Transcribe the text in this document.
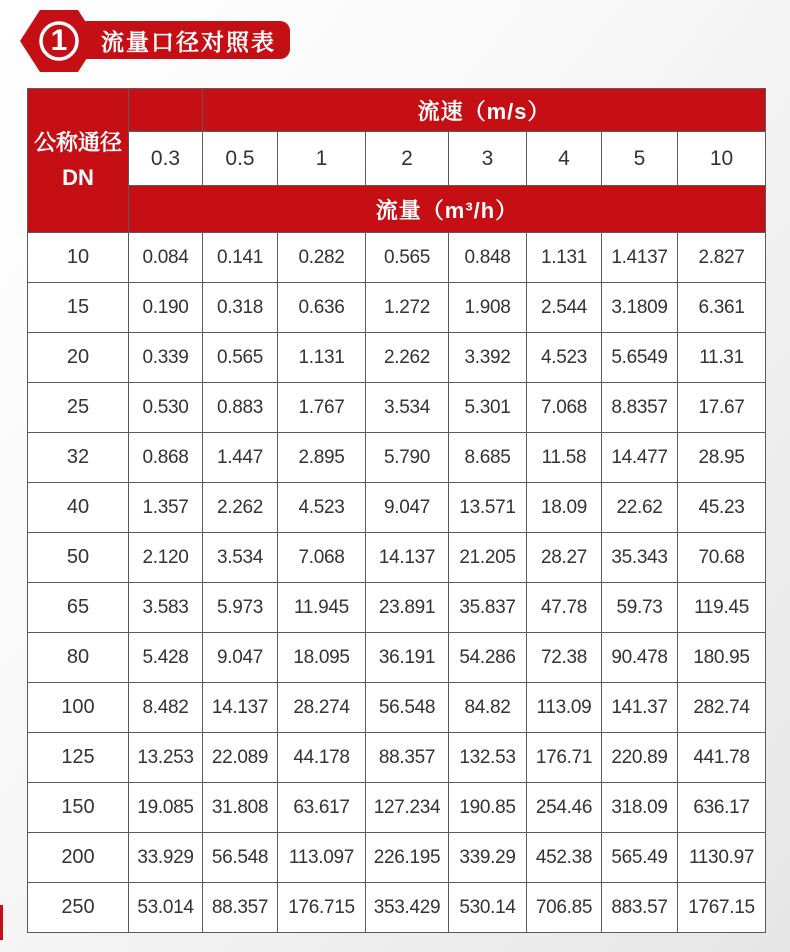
1	流量口径对照表
公称通径
DN		流速（m/s）						
	0.3	0.5	1	2	3	4	5	10
	流量（m³/h）							
10	0.084	0.141	0.282	0.565	0.848	1.131	1.4137	2.827
15	0.190	0.318	0.636	1.272	1.908	2.544	3.1809	6.361
20	0.339	0.565	1.131	2.262	3.392	4.523	5.6549	11.31
25	0.530	0.883	1.767	3.534	5.301	7.068	8.8357	17.67
32	0.868	1.447	2.895	5.790	8.685	11.58	14.477	28.95
40	1.357	2.262	4.523	9.047	13.571	18.09	22.62	45.23
50	2.120	3.534	7.068	14.137	21.205	28.27	35.343	70.68
65	3.583	5.973	11.945	23.891	35.837	47.78	59.73	119.45
80	5.428	9.047	18.095	36.191	54.286	72.38	90.478	180.95
100	8.482	14.137	28.274	56.548	84.82	113.09	141.37	282.74
125	13.253	22.089	44.178	88.357	132.53	176.71	220.89	441.78
150	19.085	31.808	63.617	127.234	190.85	254.46	318.09	636.17
200	33.929	56.548	113.097	226.195	339.29	452.38	565.49	1130.97
250	53.014	88.357	176.715	353.429	530.14	706.85	883.57	1767.15
